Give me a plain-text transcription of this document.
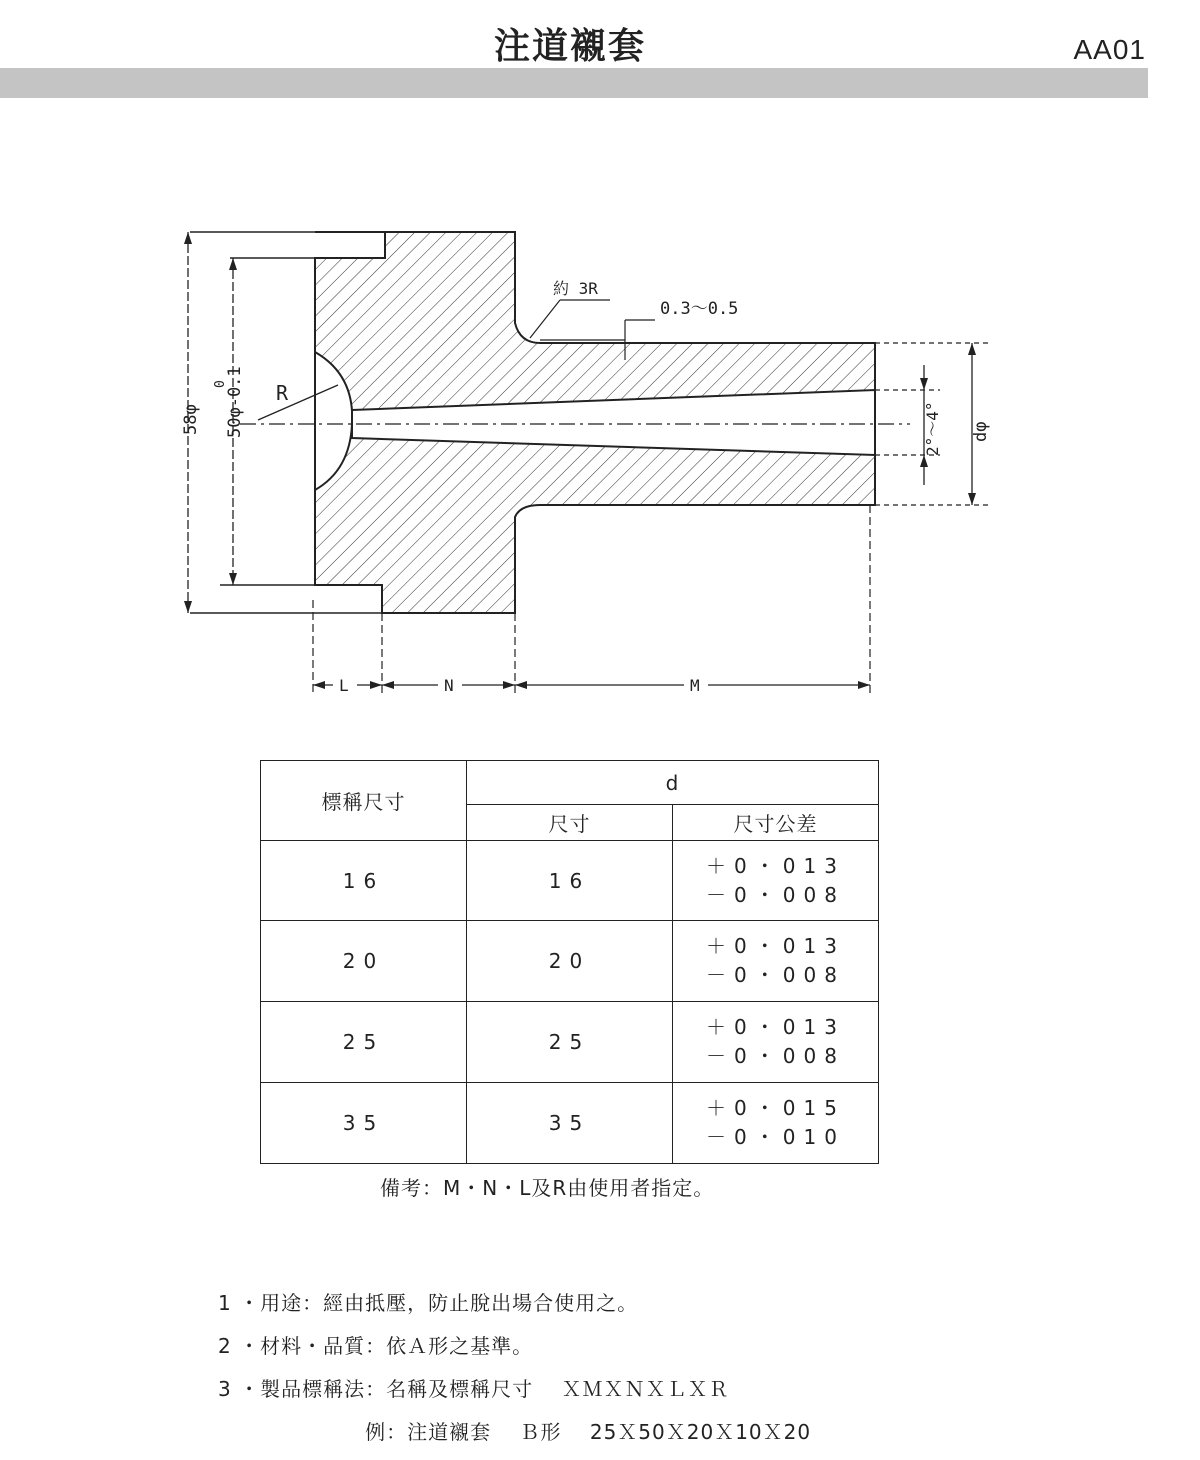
注道襯套	AA01
約 3R
0.3～0.5
R
58φ 50φ-0.1
0
2°～4° dφ
L	N	M
標稱尺寸	d	
	尺寸	尺寸公差
16	16	＋0・013
－0・008
20	20	＋0・013
－0・008
25	25	＋0・013
－0・008
35	35	＋0・015
－0・010
備考：M・N・L及R由使用者指定。
1 ・用途：經由抵壓，防止脫出場合使用之。
2 ・材料・品質：依Ａ形之基準。
3 ・製品標稱法：名稱及標稱尺寸　 ＸＭＸＮＸＬＸＲ
例：注道襯套　 Ｂ形　 25Ｘ50Ｘ20Ｘ10Ｘ20
